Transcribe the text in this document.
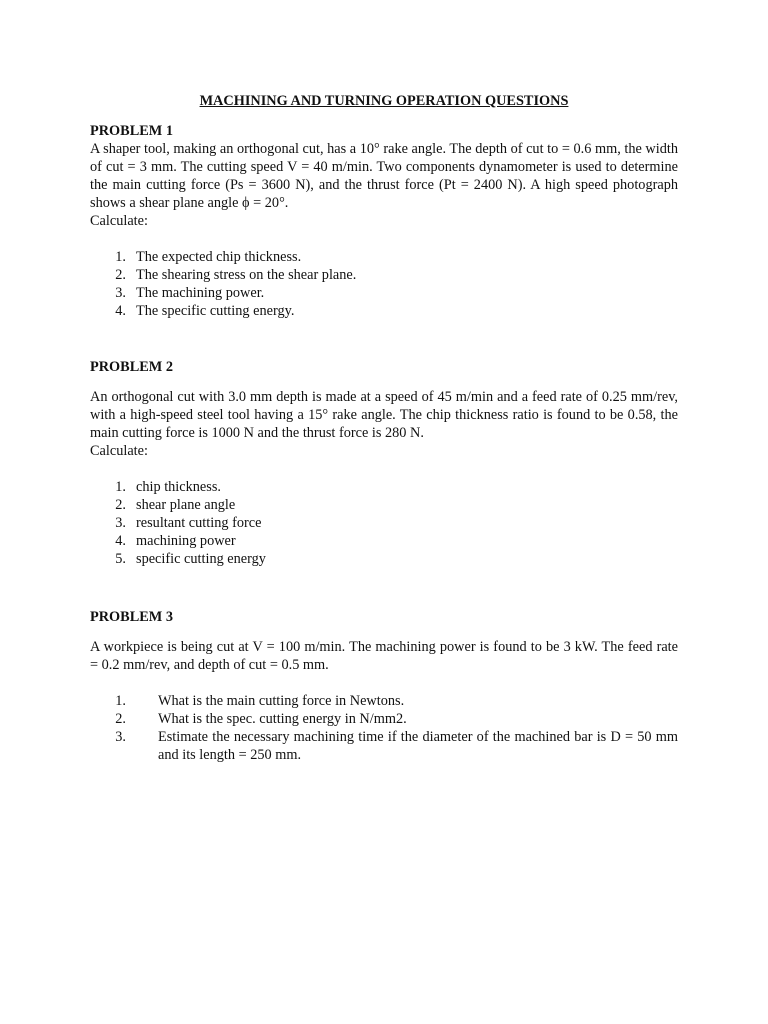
MACHINING AND TURNING OPERATION QUESTIONS
PROBLEM 1

A shaper tool, making an orthogonal cut, has a 10° rake angle. The depth of cut to = 0.6 mm, the width of cut = 3 mm. The cutting speed V = 40 m/min. Two components dynamometer is used to determine the main cutting force (Ps = 3600 N), and the thrust force (Pt = 2400 N). A high speed photograph shows a shear plane angle ϕ = 20°.

Calculate:

1. The expected chip thickness.
2. The shearing stress on the shear plane.
3. The machining power.
4. The specific cutting energy.
PROBLEM 2

An orthogonal cut with 3.0 mm depth is made at a speed of 45 m/min and a feed rate of 0.25 mm/rev, with a high-speed steel tool having a 15° rake angle. The chip thickness ratio is found to be 0.58, the main cutting force is 1000 N and the thrust force is 280 N.

Calculate:

1. chip thickness.
2. shear plane angle
3. resultant cutting force
4. machining power
5. specific cutting energy
PROBLEM 3

A workpiece is being cut at V = 100 m/min. The machining power is found to be 3 kW. The feed rate = 0.2 mm/rev, and depth of cut = 0.5 mm.

1. What is the main cutting force in Newtons.
2. What is the spec. cutting energy in N/mm2.
3. Estimate the necessary machining time if the diameter of the machined bar is D = 50 mm and its length = 250 mm.
